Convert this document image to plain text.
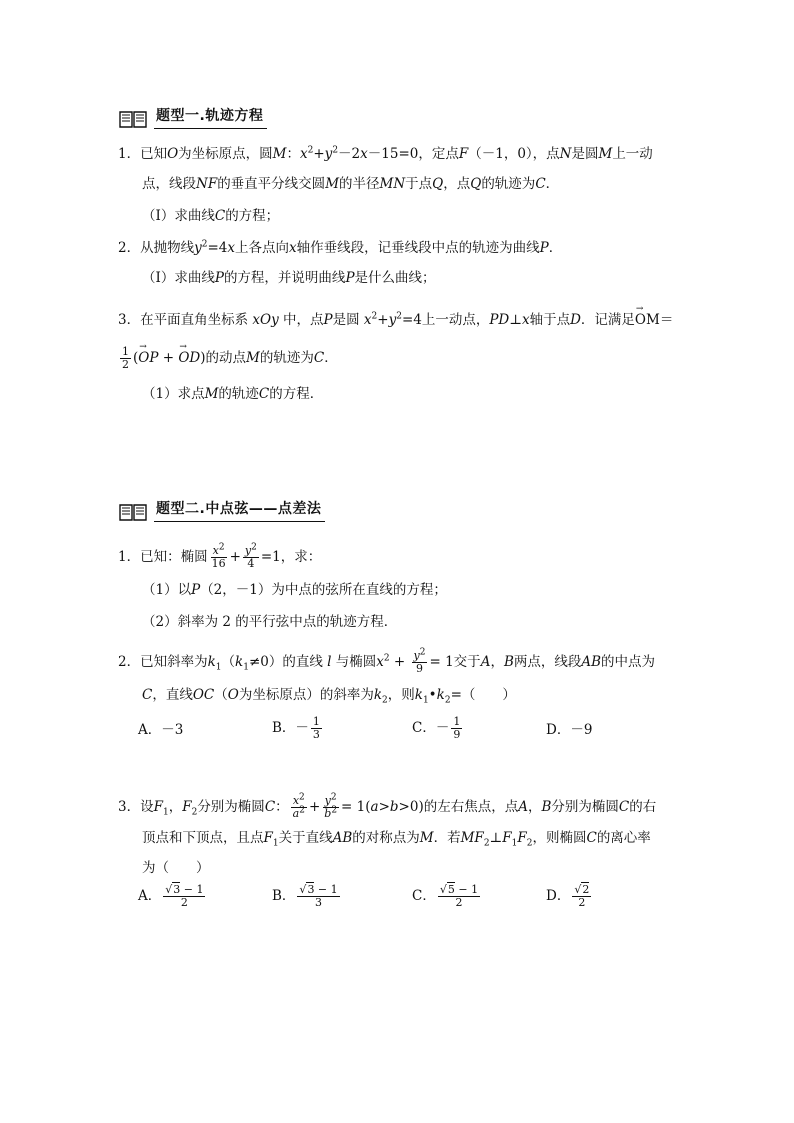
题型一.轨迹方程
1．已知O为坐标原点，圆M：$x^2+y^2-2x-15=0$，定点F（－1，0），点N是圆M上一动
点，线段NF的垂直平分线交圆M的半径MN于点Q，点Q的轨迹为C．
（Ⅰ）求曲线C的方程；
2．从抛物线$y^2=4x$上各点向x轴作垂线段，记垂线段中点的轨迹为曲线P．
（Ⅰ）求曲线P的方程，并说明曲线P是什么曲线；
3．在平面直角坐标系 xOy 中，点P是圆 $x^2+y^2=4$上一动点，PD⊥x轴于点D．记满足→ OM＝
$\frac{1}{2}$ (→ OP + → OD)的动点M的轨迹为C．
（1）求点M的轨迹C的方程．
题型二.中点弦——点差法
1．已知：椭圆 $\frac{x^2}{16} + \frac{y^2}{4} =1$，求：
（1）以P（2，－1）为中点的弦所在直线的方程；
（2）斜率为 2 的平行弦中点的轨迹方程．
2．已知斜率为$k_1(k_1\ne 0)$的直线 l 与椭圆$x^2 + \frac{y^2}{9} = 1$交于A，B两点，线段AB的中点为
C，直线OC（O为坐标原点）的斜率为$k_2$，则$k_1•k_2=$（　　）
A．－3	B．－ $\frac{1}{3}$	C．－ $\frac{1}{9}$	D．－9
3．设$F_1$，$F_2$分别为椭圆C： $\frac{x^2}{a^2} + \frac{y^2}{b^2} = 1(a>b>0)$的左右焦点，点A，B分别为椭圆C的右
顶点和下顶点，且点$F_1$关于直线AB的对称点为M．若$MF_2\perp F_1F_2$，则椭圆C的离心率
为（　　）
A． $\frac{√3 - 1}{2}$	B． $\frac{√3 - 1}{3}$	C． $\frac{√5 - 1}{2}$	D． $\frac{√2}{2}$
